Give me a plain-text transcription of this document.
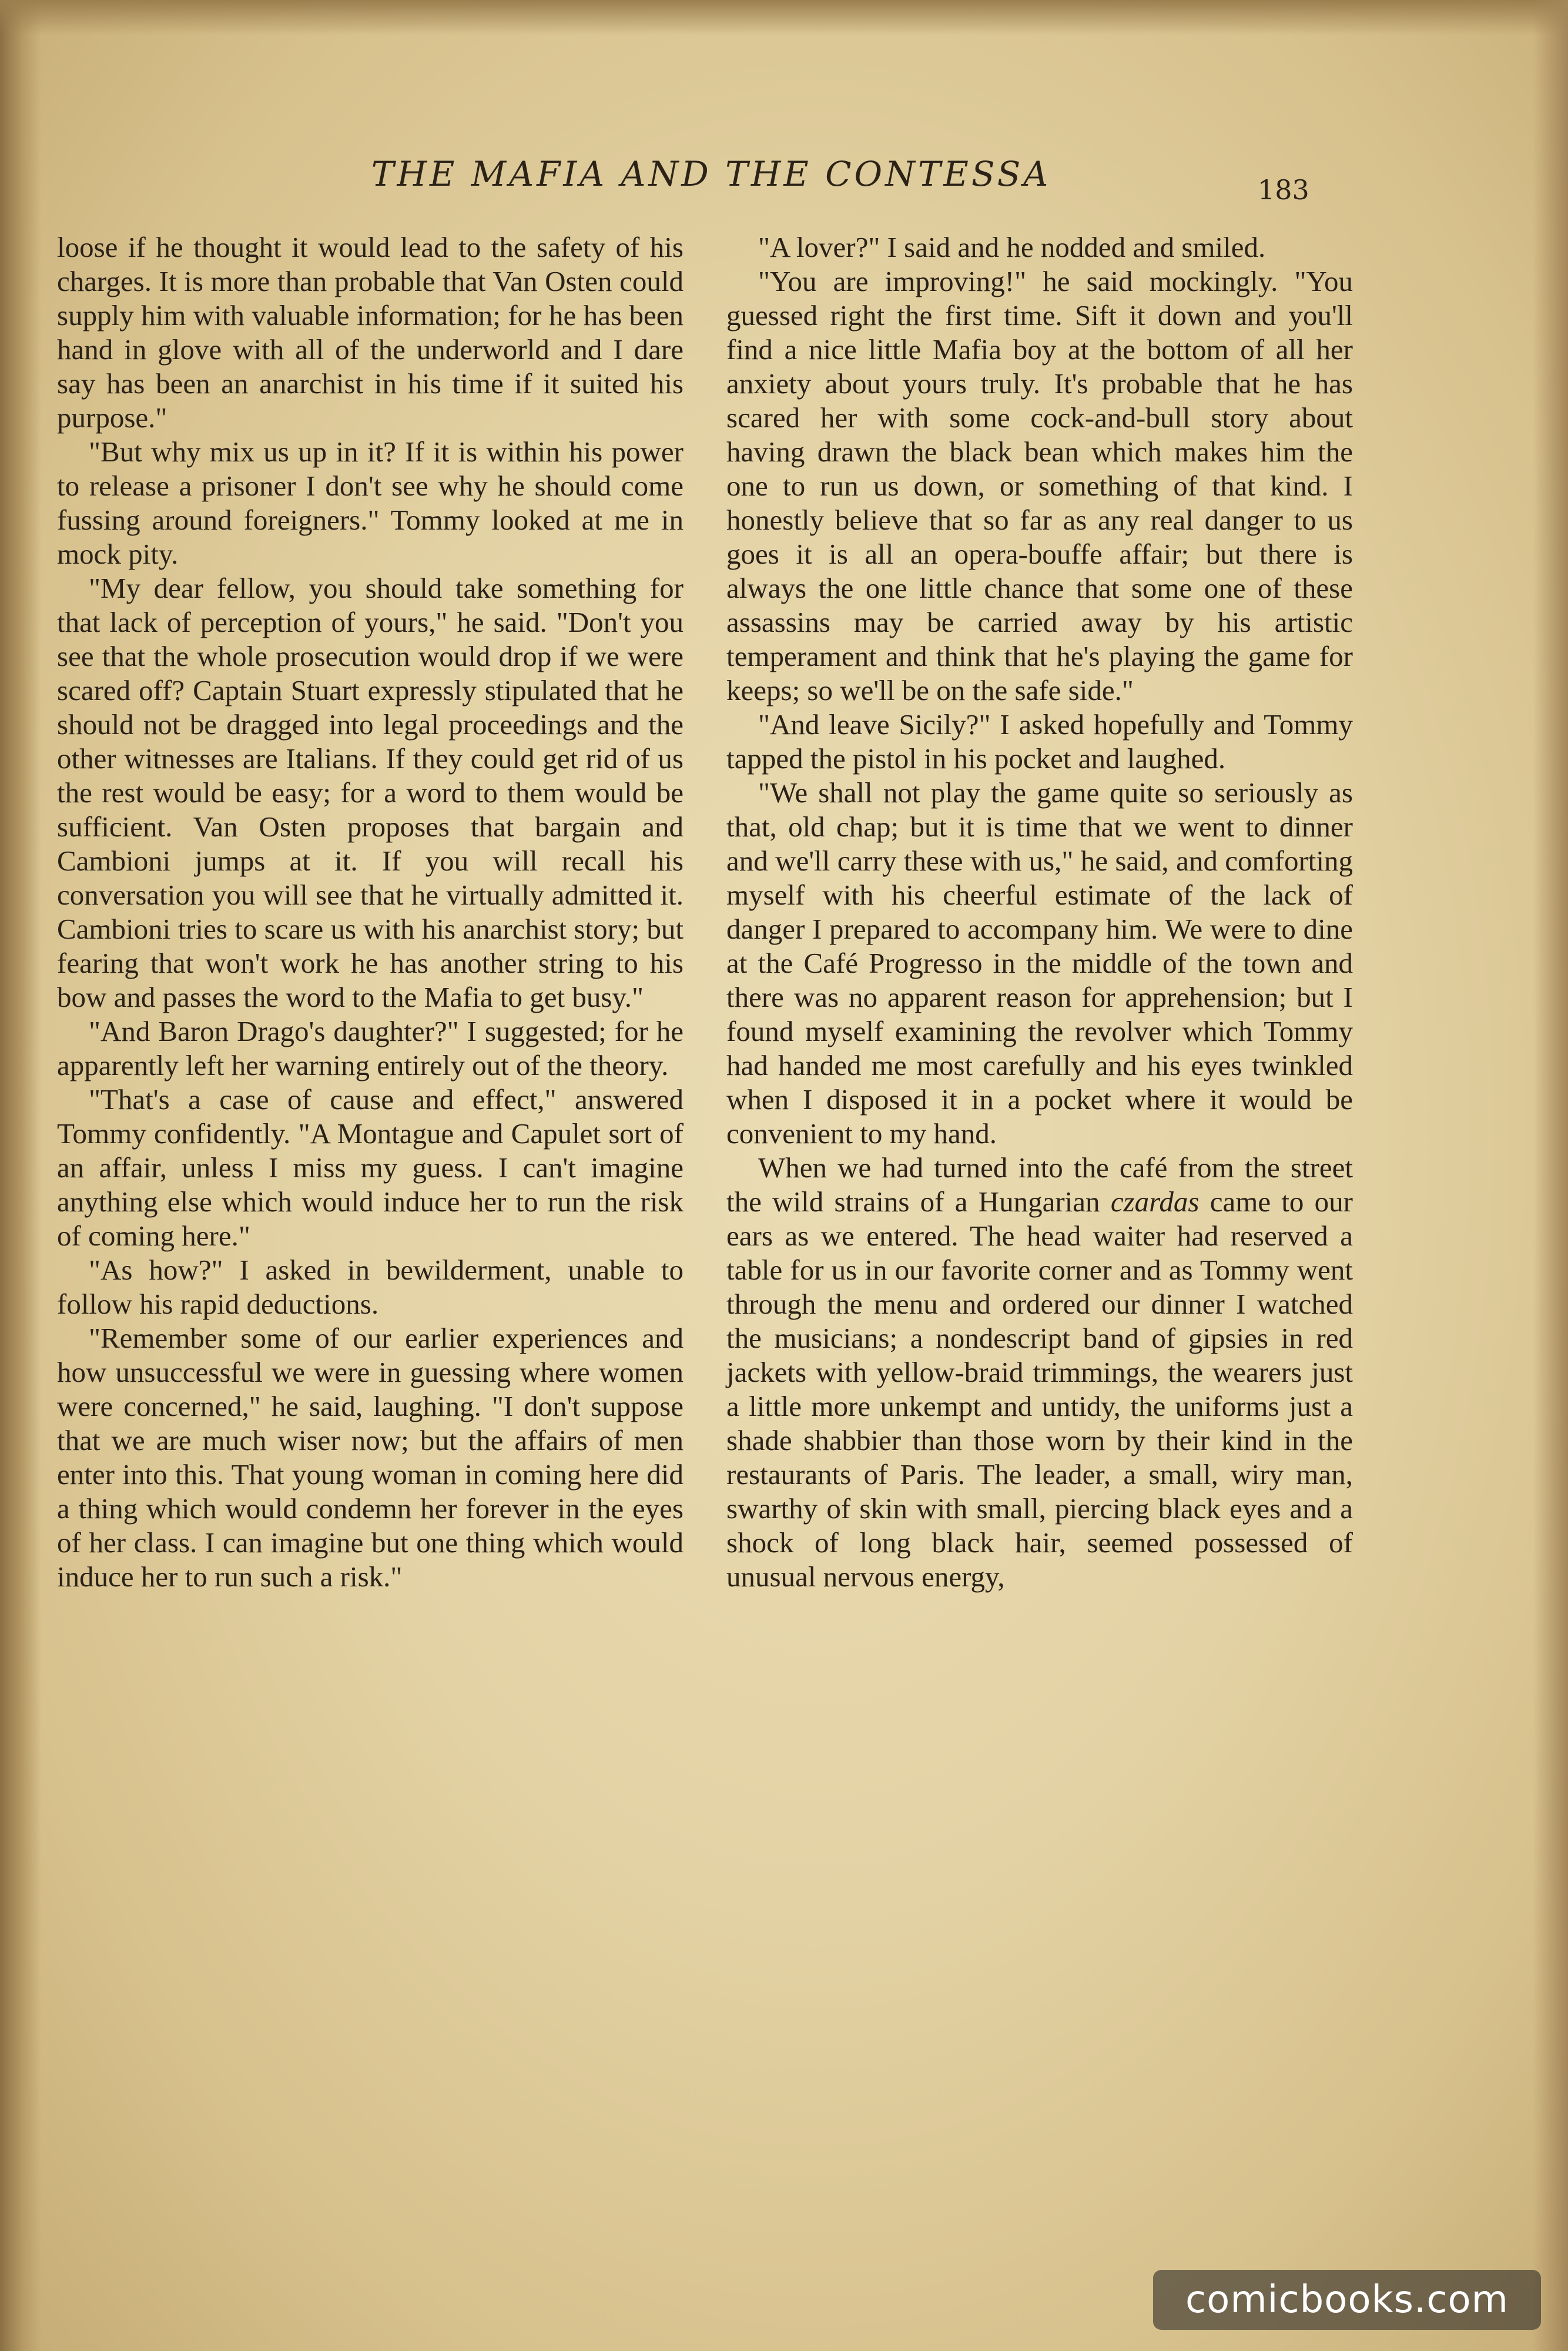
THE MAFIA AND THE CONTESSA	183

loose if he thought it would lead to the safety of his charges. It is more than probable that Van Osten could supply him with valuable information; for he has been hand in glove with all of the underworld and I dare say has been an anarchist in his time if it suited his purpose."

"But why mix us up in it? If it is within his power to release a prisoner I don't see why he should come fussing around foreigners." Tommy looked at me in mock pity.

"My dear fellow, you should take something for that lack of perception of yours," he said. "Don't you see that the whole prosecution would drop if we were scared off? Captain Stuart expressly stipulated that he should not be dragged into legal proceedings and the other witnesses are Italians. If they could get rid of us the rest would be easy; for a word to them would be sufficient. Van Osten proposes that bargain and Cambioni jumps at it. If you will recall his conversation you will see that he virtually admitted it. Cambioni tries to scare us with his anarchist story; but fearing that won't work he has another string to his bow and passes the word to the Mafia to get busy."

"And Baron Drago's daughter?" I suggested; for he apparently left her warning entirely out of the theory.

"That's a case of cause and effect," answered Tommy confidently. "A Montague and Capulet sort of an affair, unless I miss my guess. I can't imagine anything else which would induce her to run the risk of coming here."

"As how?" I asked in bewilderment, unable to follow his rapid deductions.

"Remember some of our earlier experiences and how unsuccessful we were in guessing where women were concerned," he said, laughing. "I don't suppose that we are much wiser now; but the affairs of men enter into this. That young woman in coming here did a thing which would condemn her forever in the eyes of her class. I can imagine but one thing which would induce her to run such a risk."

"A lover?" I said and he nodded and smiled.

"You are improving!" he said mockingly. "You guessed right the first time. Sift it down and you'll find a nice little Mafia boy at the bottom of all her anxiety about yours truly. It's probable that he has scared her with some cock-and-bull story about having drawn the black bean which makes him the one to run us down, or something of that kind. I honestly believe that so far as any real danger to us goes it is all an opera-bouffe affair; but there is always the one little chance that some one of these assassins may be carried away by his artistic temperament and think that he's playing the game for keeps; so we'll be on the safe side."

"And leave Sicily?" I asked hopefully and Tommy tapped the pistol in his pocket and laughed.

"We shall not play the game quite so seriously as that, old chap; but it is time that we went to dinner and we'll carry these with us," he said, and comforting myself with his cheerful estimate of the lack of danger I prepared to accompany him. We were to dine at the Café Progresso in the middle of the town and there was no apparent reason for apprehension; but I found myself examining the revolver which Tommy had handed me most carefully and his eyes twinkled when I disposed it in a pocket where it would be convenient to my hand.

When we had turned into the café from the street the wild strains of a Hungarian czardas came to our ears as we entered. The head waiter had reserved a table for us in our favorite corner and as Tommy went through the menu and ordered our dinner I watched the musicians; a nondescript band of gipsies in red jackets with yellow-braid trimmings, the wearers just a little more unkempt and untidy, the uniforms just a shade shabbier than those worn by their kind in the restaurants of Paris. The leader, a small, wiry man, swarthy of skin with small, piercing black eyes and a shock of long black hair, seemed possessed of unusual nervous energy,

comicbooks.com
